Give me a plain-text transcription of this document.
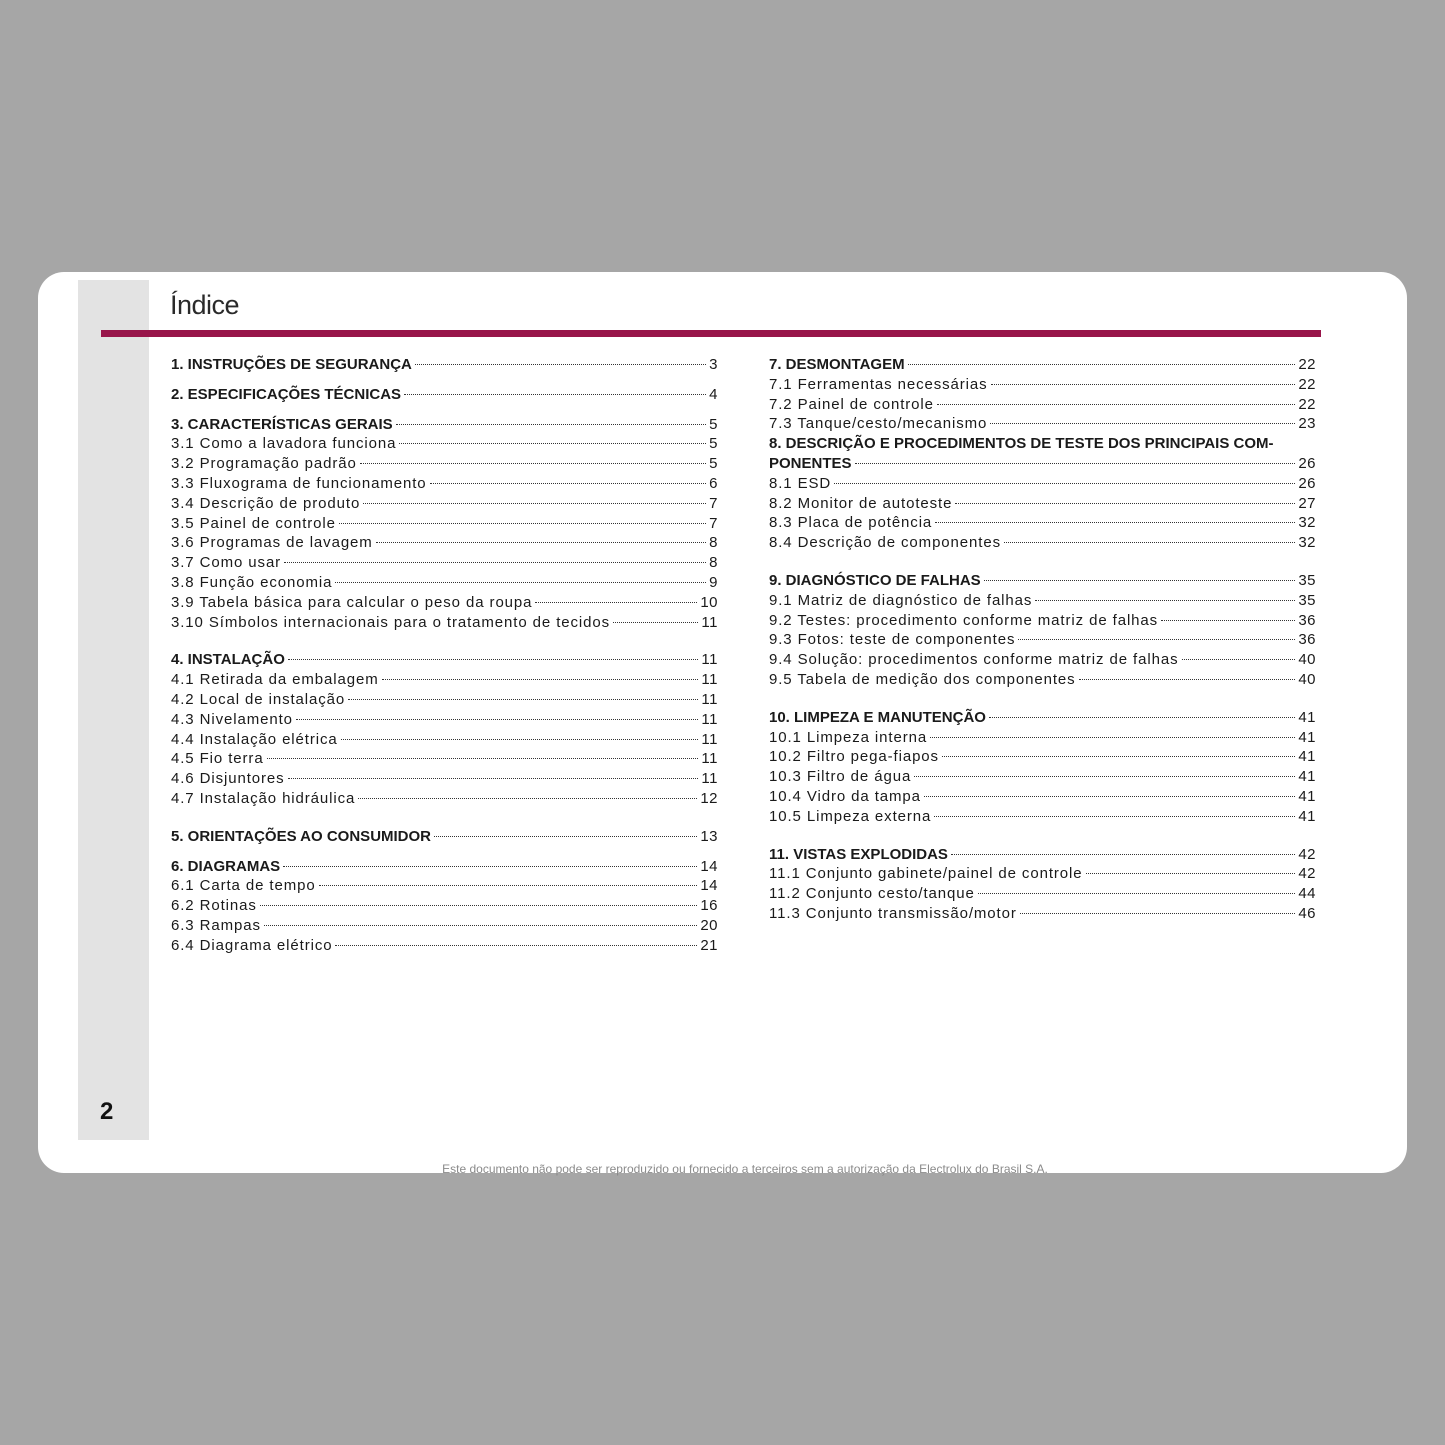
2
Índice
1. INSTRUÇÕES DE SEGURANÇA	3
2. ESPECIFICAÇÕES TÉCNICAS	4
3. CARACTERÍSTICAS GERAIS	5
3.1 Como a lavadora funciona	5
3.2 Programação padrão	5
3.3 Fluxograma de funcionamento	6
3.4 Descrição de produto	7
3.5 Painel de controle	7
3.6 Programas de lavagem	8
3.7 Como usar	8
3.8 Função economia	9
3.9 Tabela básica para calcular o peso da roupa	10
3.10 Símbolos internacionais para o tratamento de tecidos	11
4. INSTALAÇÃO	11
4.1 Retirada da embalagem	11
4.2 Local de instalação	11
4.3 Nivelamento	11
4.4 Instalação elétrica	11
4.5 Fio terra	11
4.6 Disjuntores	11
4.7 Instalação hidráulica	12
5. ORIENTAÇÕES AO CONSUMIDOR	13
6. DIAGRAMAS	14
6.1 Carta de tempo	14
6.2 Rotinas	16
6.3 Rampas	20
6.4 Diagrama elétrico	21
7. DESMONTAGEM	22
7.1 Ferramentas necessárias	22
7.2 Painel de controle	22
7.3 Tanque/cesto/mecanismo	23
8. DESCRIÇÃO E PROCEDIMENTOS DE TESTE DOS PRINCIPAIS COM-
PONENTES	26
8.1 ESD	26
8.2 Monitor de autoteste	27
8.3 Placa de potência	32
8.4 Descrição de componentes	32
9. DIAGNÓSTICO DE FALHAS	35
9.1 Matriz de diagnóstico de falhas	35
9.2 Testes: procedimento conforme matriz de falhas	36
9.3 Fotos: teste de componentes	36
9.4 Solução: procedimentos conforme matriz de falhas	40
9.5 Tabela de medição dos componentes	40
10. LIMPEZA E MANUTENÇÃO	41
10.1 Limpeza interna	41
10.2 Filtro pega-fiapos	41
10.3 Filtro de água	41
10.4 Vidro da tampa	41
10.5 Limpeza externa	41
11. VISTAS EXPLODIDAS	42
11.1 Conjunto gabinete/painel de controle	42
11.2 Conjunto cesto/tanque	44
11.3 Conjunto transmissão/motor	46
Este documento não pode ser reproduzido ou fornecido a terceiros sem a autorização da Electrolux do Brasil S.A.
